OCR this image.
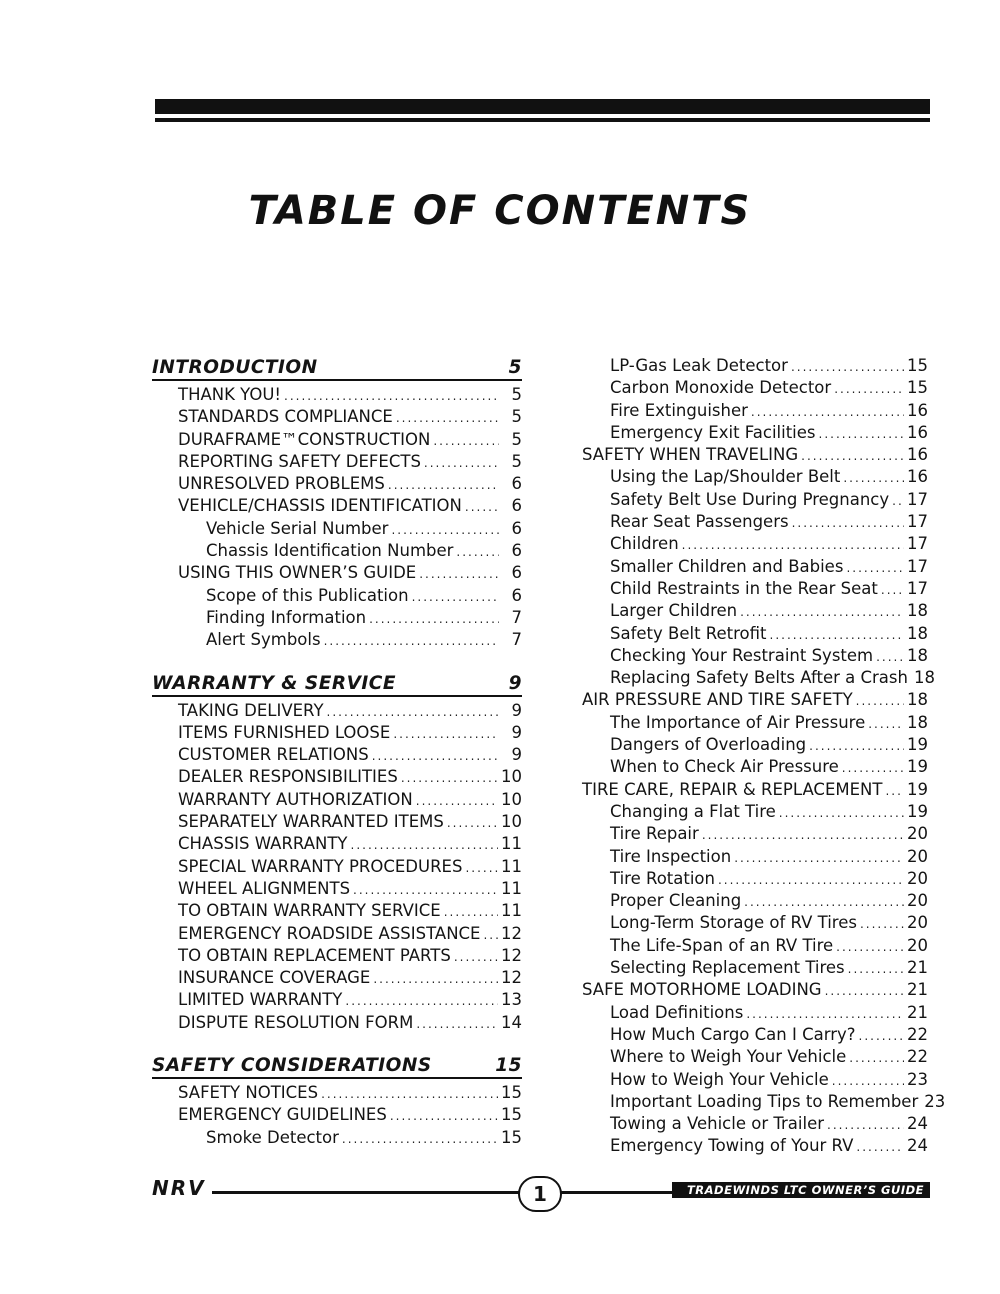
TABLE OF CONTENTS
INTRODUCTION	5
THANK YOU! .....	5
STANDARDS COMPLIANCE .....	5
DURAFRAME™CONSTRUCTION .....	5
REPORTING SAFETY DEFECTS .....	5
UNRESOLVED PROBLEMS .....	6
VEHICLE/CHASSIS IDENTIFICATION .....	6
Vehicle Serial Number .....	6
Chassis Identification Number .....	6
USING THIS OWNER’S GUIDE .....	6
Scope of this Publication .....	6
Finding Information .....	7
Alert Symbols .....	7
WARRANTY & SERVICE	9
TAKING DELIVERY .....	9
ITEMS FURNISHED LOOSE .....	9
CUSTOMER RELATIONS .....	9
DEALER RESPONSIBILITIES .....	10
WARRANTY AUTHORIZATION .....	10
SEPARATELY WARRANTED ITEMS .....	10
CHASSIS WARRANTY .....	11
SPECIAL WARRANTY PROCEDURES ..... 11
WHEEL ALIGNMENTS .....	11
TO OBTAIN WARRANTY SERVICE .....	11
EMERGENCY ROADSIDE ASSISTANCE ..... 12
TO OBTAIN REPLACEMENT PARTS .....	12
INSURANCE COVERAGE .....	12
LIMITED WARRANTY .....	13
DISPUTE RESOLUTION FORM .....	14
SAFETY CONSIDERATIONS	15
SAFETY NOTICES .....	15
EMERGENCY GUIDELINES .....	15
Smoke Detector .....	15
LP-Gas Leak Detector .....	15
Carbon Monoxide Detector .....	15
Fire Extinguisher .....	16
Emergency Exit Facilities .....	16
SAFETY WHEN TRAVELING .....	16
Using the Lap/Shoulder Belt .....	16
Safety Belt Use During Pregnancy ..... 17
Rear Seat Passengers .....	17
Children .....	17
Smaller Children and Babies .....	17
Child Restraints in the Rear Seat ..... 17
Larger Children .....	18
Safety Belt Retrofit .....	18
Checking Your Restraint System ..... 18
Replacing Safety Belts After a Crash 18
AIR PRESSURE AND TIRE SAFETY .....	18
The Importance of Air Pressure .....	18
Dangers of Overloading .....	19
When to Check Air Pressure .....	19
TIRE CARE, REPAIR & REPLACEMENT ..... 19
Changing a Flat Tire .....	19
Tire Repair .....	20
Tire Inspection .....	20
Tire Rotation .....	20
Proper Cleaning .....	20
Long-Term Storage of RV Tires .....	20
The Life-Span of an RV Tire .....	20
Selecting Replacement Tires .....	21
SAFE MOTORHOME LOADING .....	21
Load Definitions .....	21
How Much Cargo Can I Carry? .....	22
Where to Weigh Your Vehicle .....	22
How to Weigh Your Vehicle .....	23
Important Loading Tips to Remember 23
Towing a Vehicle or Trailer .....	24
Emergency Towing of Your RV .....	24
NRV	1	TRADEWINDS LTC OWNER’S GUIDE
